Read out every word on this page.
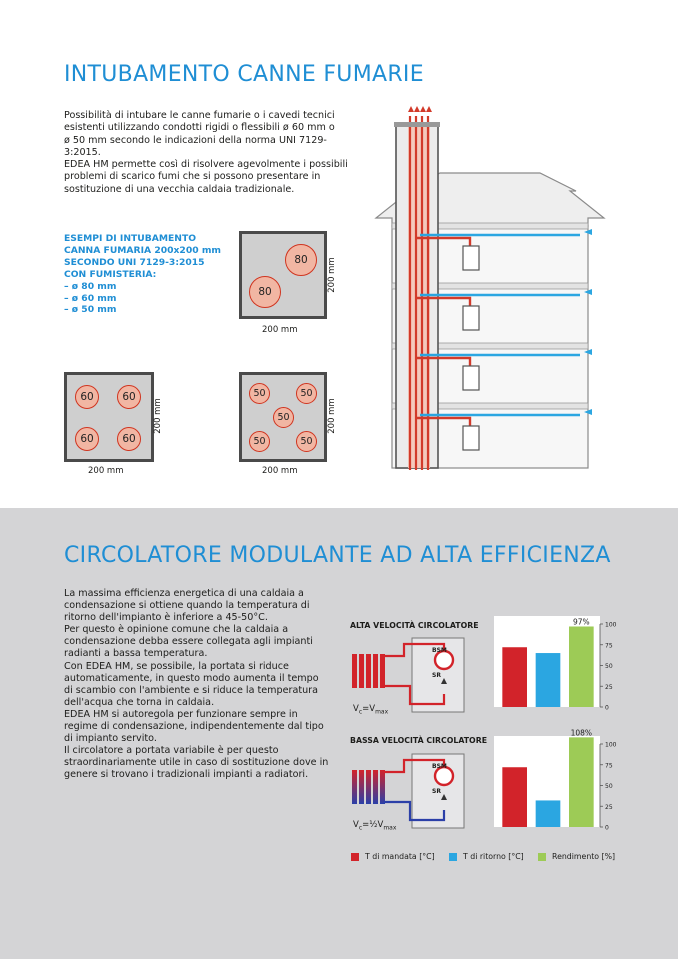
INTUBAMENTO CANNE FUMARIE
Possibilità di intubare le canne fumarie o i cavedi tecnici
esistenti utilizzando condotti rigidi o flessibili ø 60 mm o
ø 50 mm secondo le indicazioni della norma UNI 7129-
3:2015.
EDEA HM permette così di risolvere agevolmente i possibili
problemi di scarico fumi che si possono presentare in
sostituzione di una vecchia caldaia tradizionale.
ESEMPI DI INTUBAMENTO
CANNA FUMARIA 200x200 mm
SECONDO UNI 7129-3:2015
CON FUMISTERIA:
– ø 80 mm
– ø 60 mm
– ø 50 mm
80
80
200 mm
200 mm
60	60
60	60
200 mm
200 mm
50	50
50
50	50
200 mm
200 mm
CIRCOLATORE MODULANTE AD ALTA EFFICIENZA
La massima efficienza energetica di una caldaia a
condensazione si ottiene quando la temperatura di
ritorno dell'impianto è inferiore a 45-50°C.
Per questo è opinione comune che la caldaia a
condensazione debba essere collegata agli impianti
radianti a bassa temperatura.
Con EDEA HM, se possibile, la portata si riduce
automaticamente, in questo modo aumenta il tempo
di scambio con l'ambiente e si riduce la temperatura
dell'acqua che torna in caldaia.
EDEA HM si autoregola per funzionare sempre in
regime di condensazione, indipendentemente dal tipo
di impianto servito.
Il circolatore a portata variabile è per questo
straordinariamente utile in caso di sostituzione dove in
genere si trovano i tradizionali impianti a radiatori.
ALTA VELOCITÀ CIRCOLATORE
BSM
SR
$V_c=V_{max}$
BASSA VELOCITÀ CIRCOLATORE
BSM
SR
$V_c=\frac{1}{2}V_{max}$
100
75
50
25
0
97%
100
75
50
25
0
108%
T di mandata [°C]	T di ritorno [°C]	Rendimento [%]
